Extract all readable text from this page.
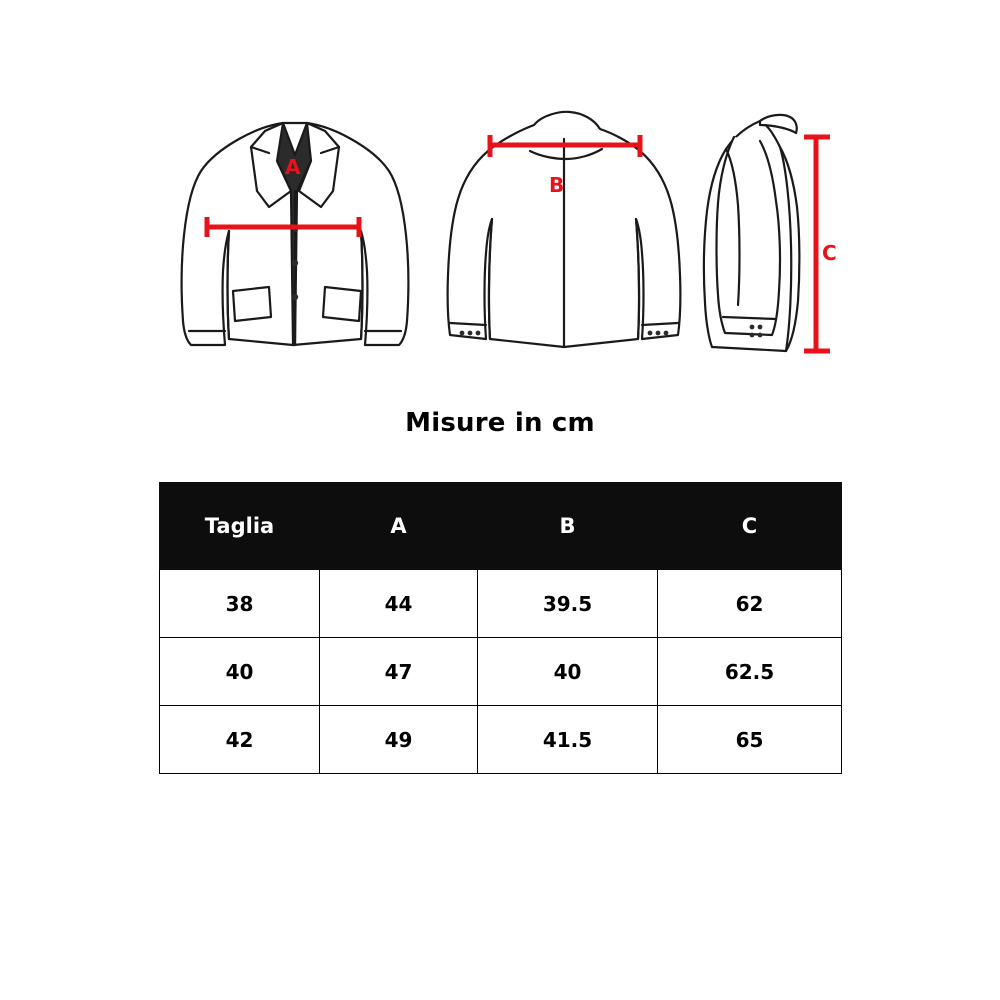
A
B
C
Misure in cm
Taglia	A	B	C
38	44	39.5	62
40	47	40	62.5
42	49	41.5	65
